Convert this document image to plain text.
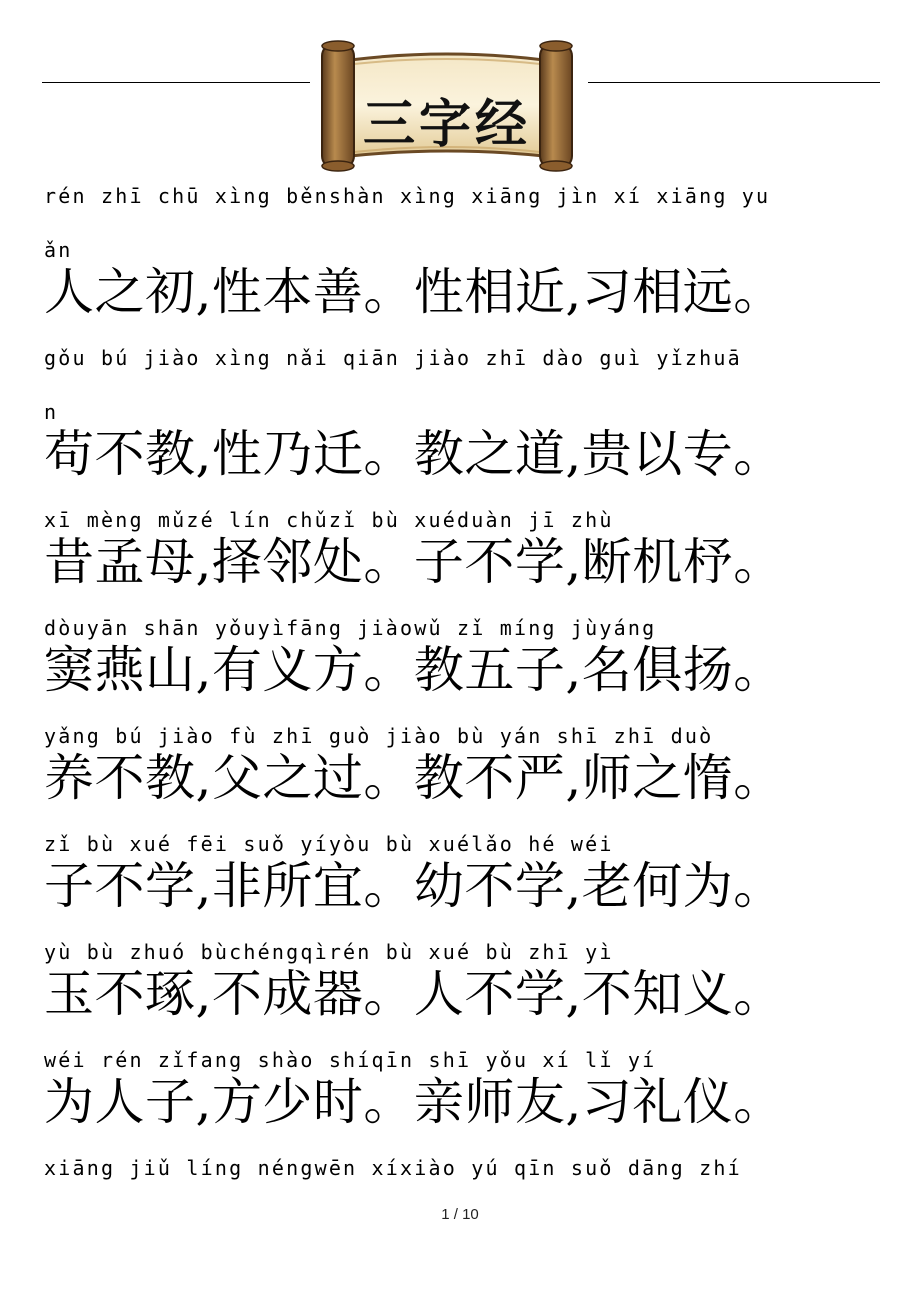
三字经
rén zhī chū xìng běnshàn xìng xiāng jìn xí xiāng yu
ǎn
人之初,性本善。性相近,习相远。
gǒu bú jiào xìng nǎi qiān jiào zhī dào guì yǐzhuā
n
苟不教,性乃迁。教之道,贵以专。
xī mèng mǔzé lín chǔzǐ bù xuéduàn jī zhù
昔孟母,择邻处。子不学,断机杼。
dòuyān shān yǒuyìfāng jiàowǔ zǐ míng jùyáng
窦燕山,有义方。教五子,名俱扬。
yǎng bú jiào fù zhī guò jiào bù yán shī zhī duò
养不教,父之过。教不严,师之惰。
zǐ bù xué fēi suǒ yíyòu bù xuélǎo hé wéi
子不学,非所宜。幼不学,老何为。
yù bù zhuó bùchéngqìrén bù xué bù zhī yì
玉不琢,不成器。人不学,不知义。
wéi rén zǐfang shào shíqīn shī yǒu xí lǐ yí
为人子,方少时。亲师友,习礼仪。
xiāng jiǔ líng néngwēn xíxiào yú qīn suǒ dāng zhí
1 / 10
